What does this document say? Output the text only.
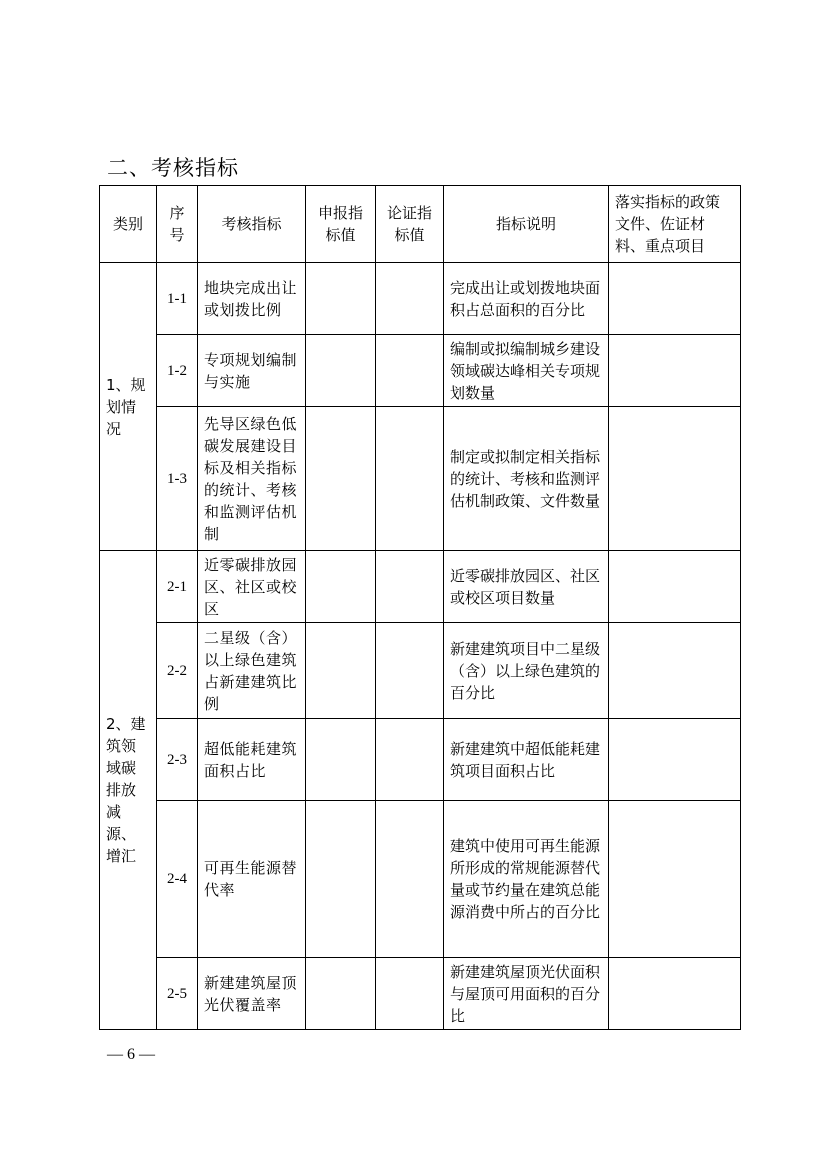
二、考核指标
类别	序号	考核指标	申报指标值	论证指标值	指标说明	落实指标的政策文件、佐证材料、重点项目
1、规划情况	1-1	地块完成出让或划拨比例			完成出让或划拨地块面积占总面积的百分比	
	1-2	专项规划编制与实施			编制或拟编制城乡建设领域碳达峰相关专项规划数量	
	1-3	先导区绿色低碳发展建设目标及相关指标的统计、考核和监测评估机制			制定或拟制定相关指标的统计、考核和监测评估机制政策、文件数量	
2、建筑领域碳排放减源、增汇	2-1	近零碳排放园区、社区或校区			近零碳排放园区、社区或校区项目数量	
	2-2	二星级（含）以上绿色建筑占新建建筑比例			新建建筑项目中二星级（含）以上绿色建筑的百分比	
	2-3	超低能耗建筑面积占比			新建建筑中超低能耗建筑项目面积占比	
	2-4	可再生能源替代率			建筑中使用可再生能源所形成的常规能源替代量或节约量在建筑总能源消费中所占的百分比	
	2-5	新建建筑屋顶光伏覆盖率			新建建筑屋顶光伏面积与屋顶可用面积的百分比	
— 6 —
